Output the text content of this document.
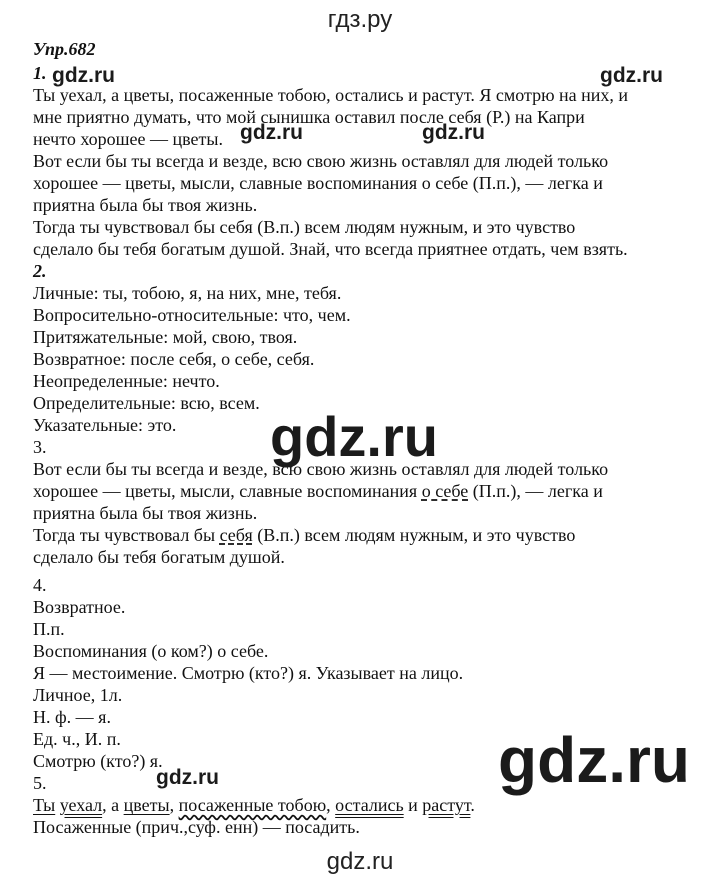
гдз.ру
Упр.682
1.
Ты уехал, а цветы, посаженные тобою, остались и растут. Я смотрю на них, и
мне приятно думать, что мой сынишка оставил после себя (Р.) на Капри
нечто хорошее — цветы.
Вот если бы ты всегда и везде, всю свою жизнь оставлял для людей только
хорошее — цветы, мысли, славные воспоминания о себе (П.п.), — легка и
приятна была бы твоя жизнь.
Тогда ты чувствовал бы себя (В.п.) всем людям нужным, и это чувство
сделало бы тебя богатым душой. Знай, что всегда приятнее отдать, чем взять.
2.
Личные: ты, тобою, я, на них, мне, тебя.
Вопросительно-относительные: что, чем.
Притяжательные: мой, свою, твоя.
Возвратное: после себя, о себе, себя.
Неопределенные: нечто.
Определительные: всю, всем.
Указательные: это.
3.
Вот если бы ты всегда и везде, всю свою жизнь оставлял для людей только
хорошее — цветы, мысли, славные воспоминания о себе (П.п.), — легка и
приятна была бы твоя жизнь.
Тогда ты чувствовал бы себя (В.п.) всем людям нужным, и это чувство
сделало бы тебя богатым душой.
4.
Возвратное.
П.п.
Воспоминания (о ком?) о себе.
Я — местоимение. Смотрю (кто?) я. Указывает на лицо.
Личное, 1л.
Н. ф. — я.
Ед. ч., И. п.
Смотрю (кто?) я.
5.
Ты уехал, а цветы, посаженные тобою, остались и растут.
Посаженные (прич.,суф. енн) — посадить.
gdz.ru	gdz.ru
gdz.ru	gdz.ru
gdz.ru
gdz.ru
gdz.ru
gdz.ru
